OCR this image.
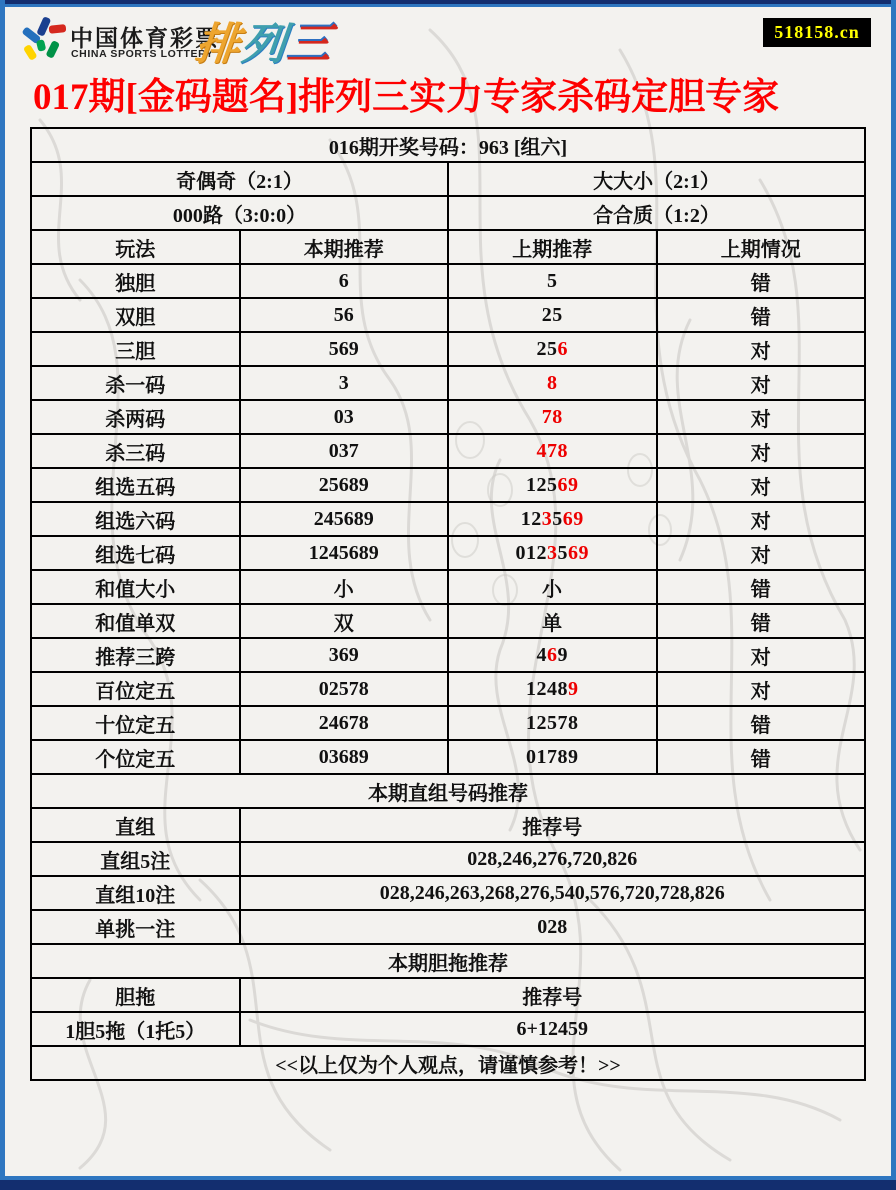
中国体育彩票
CHINA SPORTS LOTTERY
排列三	518158.cn
017期[金码题名]排列三实力专家杀码定胆专家
016期开奖号码：963 [组六]			
奇偶奇（2:1）		大大小（2:1）	
000路（3:0:0）		合合质（1:2）	
玩法	本期推荐	上期推荐	上期情况
独胆	6	5	错
双胆	56	25	错
三胆	569	256	对
杀一码	3	8	对
杀两码	03	78	对
杀三码	037	478	对
组选五码	25689	12569	对
组选六码	245689	123569	对
组选七码	1245689	0123569	对
和值大小	小	小	错
和值单双	双	单	错
推荐三跨	369	469	对
百位定五	02578	12489	对
十位定五	24678	12578	错
个位定五	03689	01789	错
本期直组号码推荐			
直组	推荐号		
直组5注	028,246,276,720,826		
直组10注	028,246,263,268,276,540,576,720,728,826		
单挑一注	028		
本期胆拖推荐			
胆拖	推荐号		
1胆5拖（1托5）	6+12459		
<<以上仅为个人观点，请谨慎参考！>>			
